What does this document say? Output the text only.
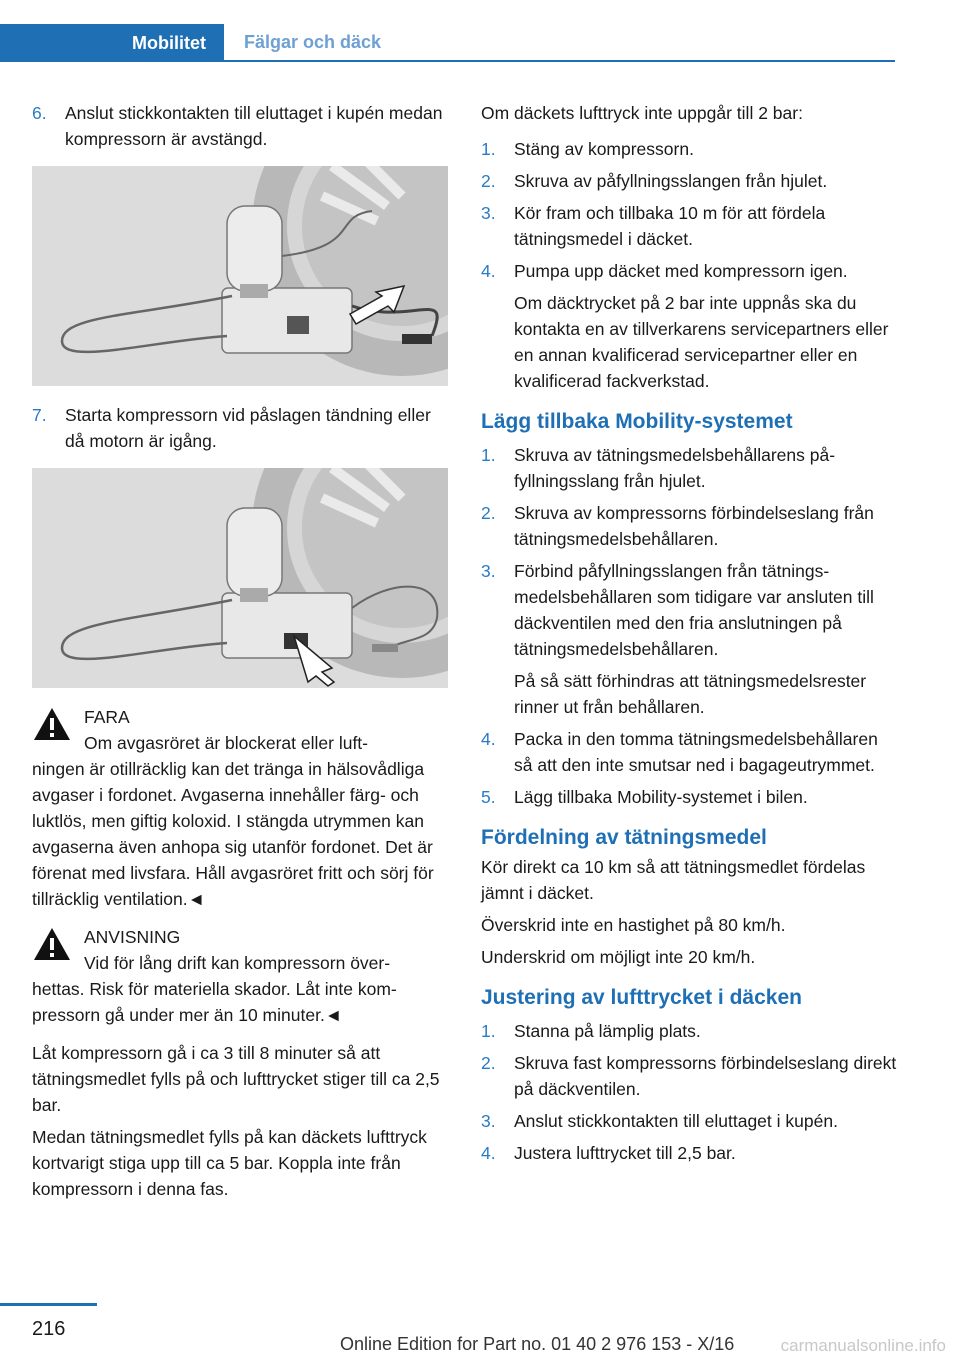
Mobilitet	Fälgar och däck
6.	Anslut stickkontakten till eluttaget i kupén medan kompressorn är avstängd.
7.	Starta kompressorn vid påslagen tändning eller då motorn är igång.
FARA
Om avgasröret är blockerat eller luft-
ningen är otillräcklig kan det tränga in hälsovådliga avgaser i fordonet. Avgaserna innehåller färg- och luktlös, men giftig koloxid. I stängda utrymmen kan avgaserna även anhopa sig utanför fordonet. Det är förenat med livsfara. Håll avgasröret fritt och sörj för tillräcklig ventilation.◄
ANVISNING
Vid för lång drift kan kompressorn över-
hettas. Risk för materiella skador. Låt inte kompressorn gå under mer än 10 minuter.◄

Låt kompressorn gå i ca 3 till 8 minuter så att tätningsmedlet fylls på och lufttrycket stiger till ca 2,5 bar.

Medan tätningsmedlet fylls på kan däckets lufttryck kortvarigt stiga upp till ca 5 bar. Koppla inte från kompressorn i denna fas.

Om däckets lufttryck inte uppgår till 2 bar:

1.	Stäng av kompressorn.
2.	Skruva av påfyllningsslangen från hjulet.
3.	Kör fram och tillbaka 10 m för att fördela tätningsmedel i däcket.
4.	Pumpa upp däcket med kompressorn igen.
Om däcktrycket på 2 bar inte uppnås ska du kontakta en av tillverkarens servicepartners eller en annan kvalificerad servicepartner eller en kvalificerad fackverkstad.
Lägg tillbaka Mobility-systemet
1.	Skruva av tätningsmedelsbehållarens påfyllningsslang från hjulet.
2.	Skruva av kompressorns förbindelseslang från tätningsmedelsbehållaren.
3.	Förbind påfyllningsslangen från tätningsmedelsbehållaren som tidigare var ansluten till däckventilen med den fria anslutningen på tätningsmedelsbehållaren.
På så sätt förhindras att tätningsmedelsrester rinner ut från behållaren.
4.	Packa in den tomma tätningsmedelsbehållaren så att den inte smutsar ned i bagageutrymmet.
5.	Lägg tillbaka Mobility-systemet i bilen.
Fördelning av tätningsmedel

Kör direkt ca 10 km så att tätningsmedlet fördelas jämnt i däcket.

Överskrid inte en hastighet på 80 km/h.

Underskrid om möjligt inte 20 km/h.

Justering av lufttrycket i däcken
1.	Stanna på lämplig plats.
2.	Skruva fast kompressorns förbindelseslang direkt på däckventilen.
3.	Anslut stickkontakten till eluttaget i kupén.
4.	Justera lufttrycket till 2,5 bar.
216
Online Edition for Part no. 01 40 2 976 153 - X/16	carmanualsonline.info
